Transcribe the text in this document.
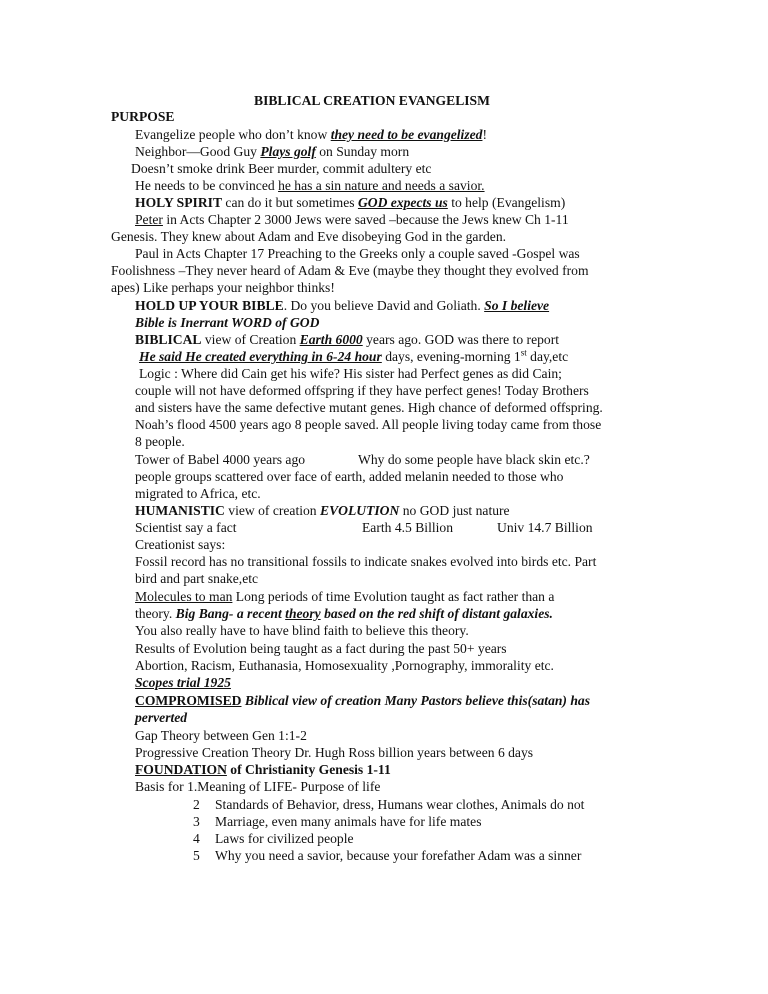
BIBLICAL CREATION EVANGELISM
PURPOSE
Evangelize people who don’t know they need to be evangelized!
Neighbor—Good Guy Plays golf on Sunday morn
Doesn’t smoke drink Beer murder, commit adultery etc
He needs to be convinced he has a sin nature and needs a savior.
HOLY SPIRIT can do it but sometimes GOD expects us to help (Evangelism)
Peter in Acts Chapter 2 3000 Jews were saved –because the Jews knew Ch 1-11
Genesis. They knew about Adam and Eve disobeying God in the garden.
Paul in Acts Chapter 17 Preaching to the Greeks only a couple saved -Gospel was
Foolishness –They never heard of Adam & Eve (maybe they thought they evolved from
apes) Like perhaps your neighbor thinks!
HOLD UP YOUR BIBLE. Do you believe David and Goliath. So I believe
Bible is Inerrant WORD of GOD
BIBLICAL view of Creation Earth 6000 years ago. GOD was there to report
He said He created everything in 6-24 hour days, evening-morning 1st day,etc
Logic : Where did Cain get his wife? His sister had Perfect genes as did Cain;
couple will not have deformed offspring if they have perfect genes! Today Brothers
and sisters have the same defective mutant genes. High chance of deformed offspring.
Noah’s flood 4500 years ago 8 people saved. All people living today came from those
8 people.
Tower of Babel 4000 years ago	Why do some people have black skin etc.?
people groups scattered over face of earth, added melanin needed to those who
migrated to Africa, etc.
HUMANISTIC view of creation EVOLUTION no GOD just nature
Scientist say a fact	Earth 4.5 Billion	Univ 14.7 Billion
Creationist says:
Fossil record has no transitional fossils to indicate snakes evolved into birds etc. Part
bird and part snake,etc
Molecules to man Long periods of time Evolution taught as fact rather than a
theory. Big Bang- a recent theory based on the red shift of distant galaxies.
You also really have to have blind faith to believe this theory.
Results of Evolution being taught as a fact during the past 50+ years
Abortion, Racism, Euthanasia, Homosexuality ,Pornography, immorality etc.
Scopes trial 1925
COMPROMISED Biblical view of creation Many Pastors believe this(satan) has
perverted
Gap Theory between Gen 1:1-2
Progressive Creation Theory Dr. Hugh Ross billion years between 6 days
FOUNDATION of Christianity Genesis 1-11
Basis for 1.Meaning of LIFE- Purpose of life
2 Standards of Behavior, dress, Humans wear clothes, Animals do not
3 Marriage, even many animals have for life mates
4 Laws for civilized people
5 Why you need a savior, because your forefather Adam was a sinner
